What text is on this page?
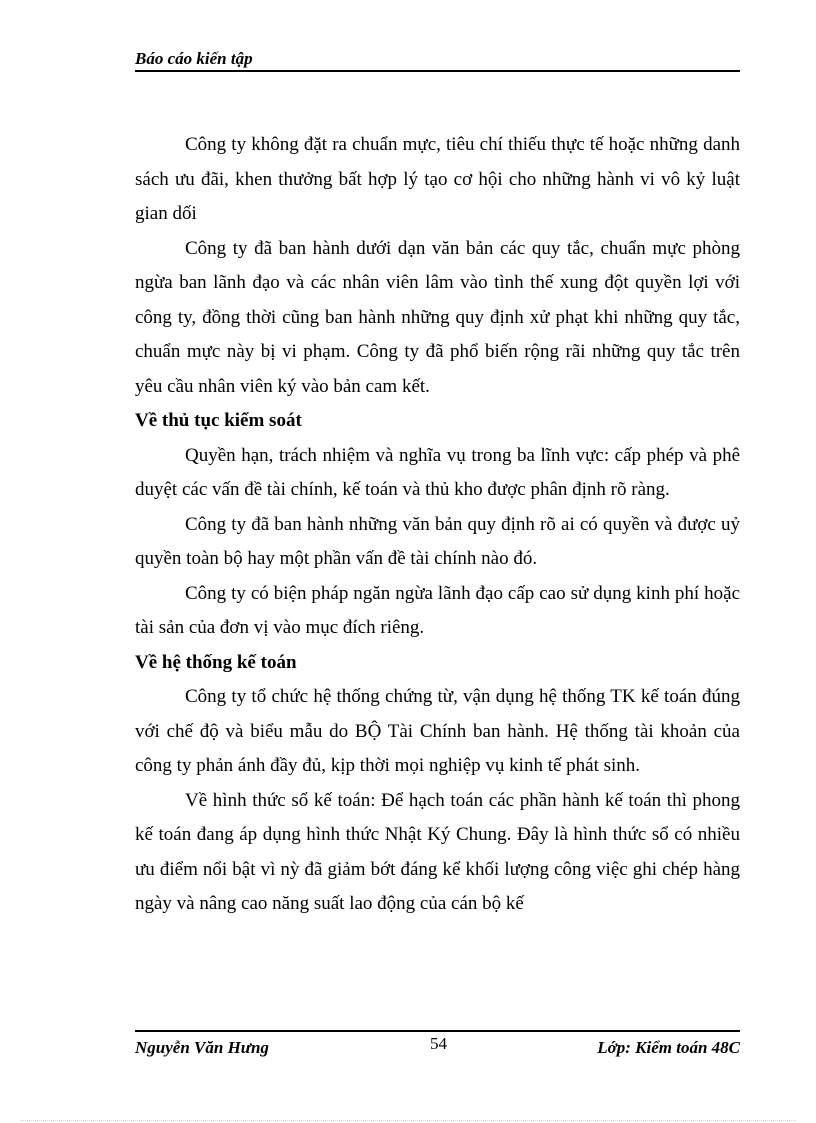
Báo cáo kiến tập

Công ty không đặt ra chuẩn mực, tiêu chí thiếu thực tế hoặc những danh sách ưu đãi, khen thưởng bất hợp lý tạo cơ hội cho những hành vi vô kỷ luật gian dối

Công ty đã ban hành dưới dạn văn bản các quy tắc, chuẩn mực phòng ngừa ban lãnh đạo và các nhân viên lâm vào tình thế xung đột quyền lợi với công ty, đồng thời cũng ban hành những quy định xử phạt khi những quy tắc, chuẩn mực này bị vi phạm. Công ty đã phổ biến rộng rãi những quy tắc trên yêu cầu nhân viên ký vào bản cam kết.

Về thủ tục kiểm soát

Quyền hạn, trách nhiệm và nghĩa vụ trong ba lĩnh vực: cấp phép và phê duyệt các vấn đề tài chính, kế toán và thủ kho được phân định rõ ràng.

Công ty đã ban hành những văn bản quy định rõ ai có quyền và được uỷ quyền toàn bộ hay một phần vấn đề tài chính nào đó.

Công ty có biện pháp ngăn ngừa lãnh đạo cấp cao sử dụng kinh phí hoặc tài sản của đơn vị vào mục đích riêng.

Về hệ thống kế toán

Công ty tổ chức hệ thống chứng từ, vận dụng hệ thống TK kế toán đúng với chế độ và biểu mẫu do BỘ Tài Chính ban hành. Hệ thống tài khoản của công ty phản ánh đầy đủ, kịp thời mọi nghiệp vụ kinh tế phát sinh.

Về hình thức sổ kế toán: Để hạch toán các phần hành kế toán thì phong kế toán đang áp dụng hình thức Nhật Ký Chung. Đây là hình thức sổ có nhiều ưu điểm nổi bật vì nỳ đã giảm bớt đáng kể khối lượng công việc ghi chép hàng ngày và nâng cao năng suất lao động của cán bộ kế

Nguyễn Văn Hưng	54	Lớp: Kiểm toán 48C
